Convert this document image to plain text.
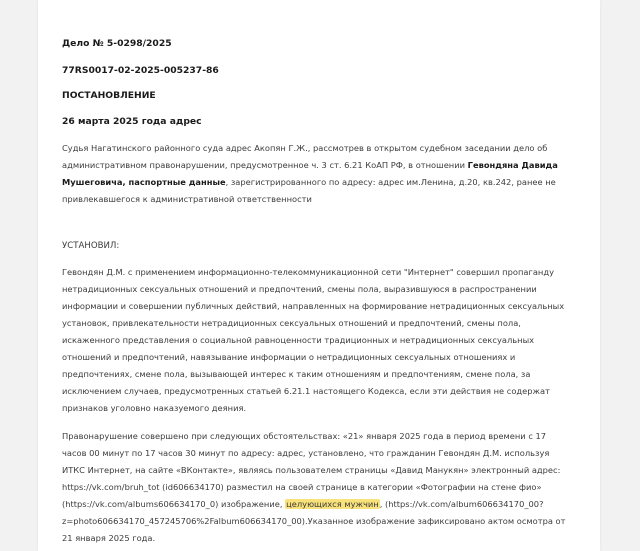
Дело № 5-0298/2025

77RS0017-02-2025-005237-86

ПОСТАНОВЛЕНИЕ

26 марта 2025 года адрес

Судья Нагатинского районного суда адрес Акопян Г.Ж., рассмотрев в открытом судебном заседании дело об административном правонарушении, предусмотренное ч. 3 ст. 6.21 КоАП РФ, в отношении Гевондяна Давида Мушеговича, паспортные данные, зарегистрированного по адресу: адрес им.Ленина, д.20, кв.242, ранее не привлекавшегося к административной ответственности

УСТАНОВИЛ:

Гевондян Д.М. с применением информационно-телекоммуникационной сети "Интернет" совершил пропаганду нетрадиционных сексуальных отношений и предпочтений, смены пола, выразившуюся в распространении информации и совершении публичных действий, направленных на формирование нетрадиционных сексуальных установок, привлекательности нетрадиционных сексуальных отношений и предпочтений, смены пола, искаженного представления о социальной равноценности традиционных и нетрадиционных сексуальных отношений и предпочтений, навязывание информации о нетрадиционных сексуальных отношениях и предпочтениях, смене пола, вызывающей интерес к таким отношениям и предпочтениям, смене пола, за исключением случаев, предусмотренных статьей 6.21.1 настоящего Кодекса, если эти действия не содержат признаков уголовно наказуемого деяния.

Правонарушение совершено при следующих обстоятельствах: «21» января 2025 года в период времени с 17 часов 00 минут по 17 часов 30 минут по адресу: адрес, установлено, что гражданин Гевондян Д.М. используя ИТКС Интернет, на сайте «ВКонтакте», являясь пользователем страницы «Давид Манукян» электронный адрес: https://vk.com/bruh_tot (id606634170) разместил на своей странице в категории «Фотографии на стене фио» (https://vk.com/albums606634170_0) изображение, целующихся мужчин, (https://vk.com/album606634170_00?z=photo606634170_457245706%2Falbum606634170_00).Указанное изображение зафиксировано актом осмотра от 21 января 2025 года.
